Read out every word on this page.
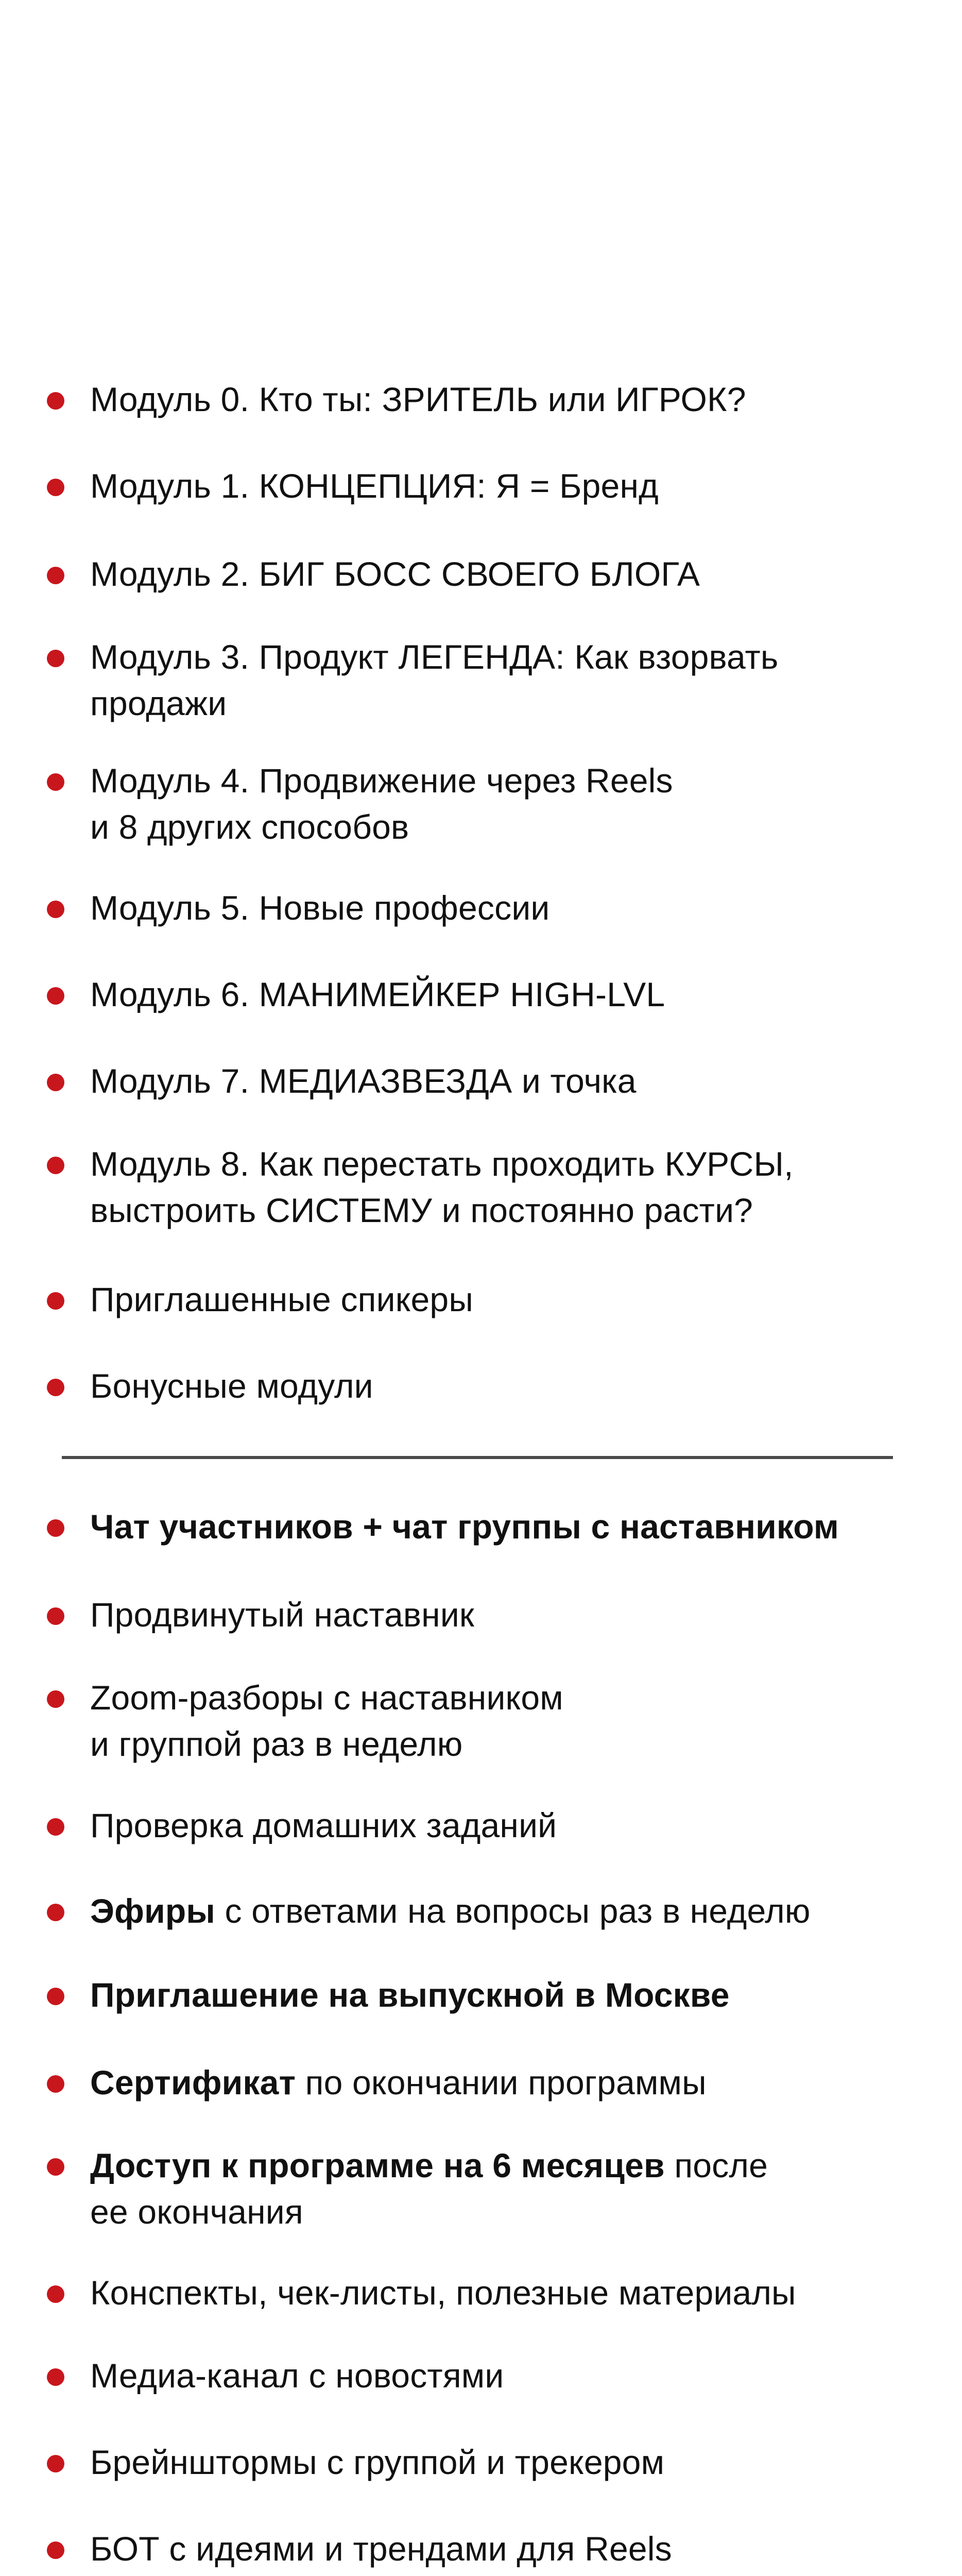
Модуль 0. Кто ты: ЗРИТЕЛЬ или ИГРОК?
Модуль 1. КОНЦЕПЦИЯ: Я = Бренд
Модуль 2. БИГ БОСС СВОЕГО БЛОГА
Модуль 3. Продукт ЛЕГЕНДА: Как взорвать
продажи
Модуль 4. Продвижение через Reels
и 8 других способов
Модуль 5. Новые профессии
Модуль 6. МАНИМЕЙКЕР HIGH-LVL
Модуль 7. МЕДИАЗВЕЗДА и точка
Модуль 8. Как перестать проходить КУРСЫ,
выстроить СИСТЕМУ и постоянно расти?
Приглашенные спикеры
Бонусные модули
Чат участников + чат группы с наставником
Продвинутый наставник
Zoom-разборы с наставником
и группой раз в неделю
Проверка домашних заданий
Эфиры с ответами на вопросы раз в неделю
Приглашение на выпускной в Москве
Сертификат по окончании программы
Доступ к программе на 6 месяцев после
ее окончания
Конспекты, чек-листы, полезные материалы
Медиа-канал с новостями
Брейнштормы с группой и трекером
БОТ с идеями и трендами для Reels
